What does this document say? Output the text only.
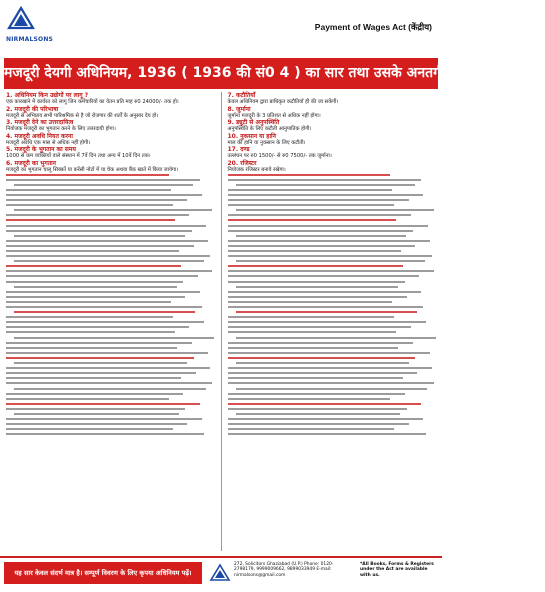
NIRMALSONS
Payment of Wages Act (केंद्रीय)
मजदूरी देयगी अधिनियम, 1936 ( 1936 की सं0 4 ) का सार तथा उसके अनतर्गत बनाये गये नियम ।
1. अधिनियम किन उद्योगों पर लागू ?
एक कारखाने में कार्यरत को लागू जिन कर्मचारियों का वेतन प्रति माह रु0 24000/- तक हो।
2. मजदूरी की परिभाषा
मजदूरी से अभिप्राय सभी पारिश्रमिक से है जो रोजगार की शर्तों के अनुसार देय हो।
3. मजदूरी देने का उत्तरदायित्व
नियोजक मजदूरी का भुगतान करने के लिए उत्तरदायी होगा।
4. मजदूरी अवधि नियत करना
मजदूरी अवधि एक मास से अधिक नहीं होगी।
5. मजदूरी के भुगतान का समय
1000 से कम व्यक्तियों वाले संस्थान में 7वें दिन तथा अन्य में 10वें दिन तक।
6. मजदूरी का भुगतान
मजदूरी का भुगतान चालू सिक्कों या करेंसी नोटों में या चेक अथवा बैंक खाते में किया जायेगा।
7. कटौतियाँ
केवल अधिनियम द्वारा प्राधिकृत कटौतियाँ ही की जा सकेंगी।
8. जुर्माना
जुर्माना मजदूरी के 3 प्रतिशत से अधिक नहीं होगा।
9. ड्यूटी से अनुपस्थिति
अनुपस्थिति के लिए कटौती आनुपातिक होगी।
10. नुकसान या हानि
माल की हानि या नुकसान के लिए कटौती।
17. दण्ड
उल्लंघन पर रु0 1500/- से रु0 7500/- तक जुर्माना।
20. रजिस्टर
नियोजक रजिस्टर बनाये रखेगा।
यह सार केवल संदर्भ मात्र है। सम्पूर्ण विवरण के लिए कृपया अधिनियम पढ़ें।
272, Solicitors Ghaziabad (U.P.) Phone: 0120-2798179, 9999009662, 9899033949 E-mail: nirmalsons@gmail.com
*All Books, Forms & Registers under the Act are available with us.
